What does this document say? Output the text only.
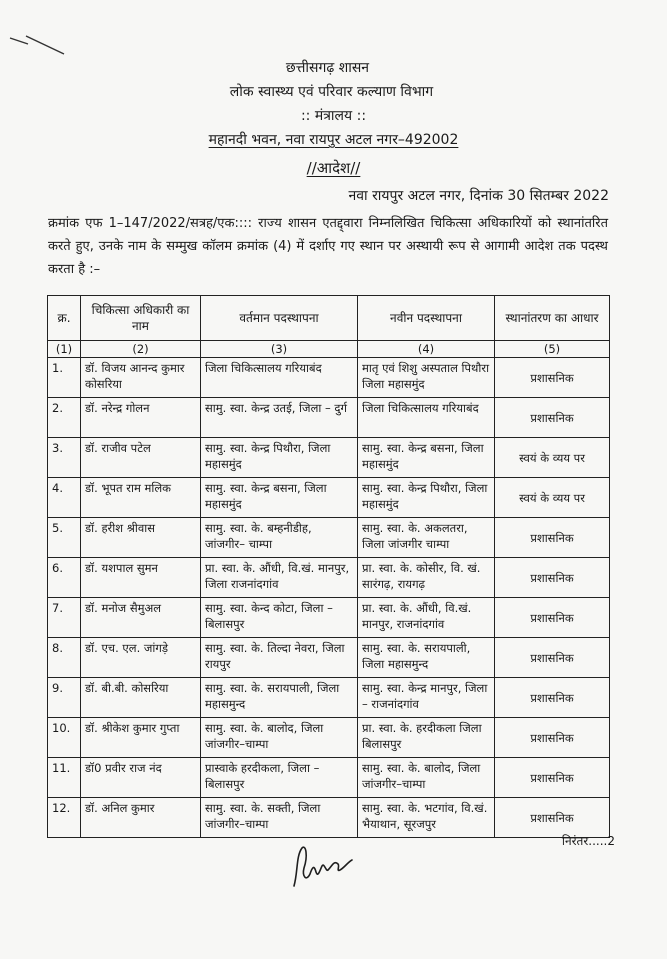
छत्तीसगढ़ शासन
लोक स्वास्थ्य एवं परिवार कल्याण विभाग
:: मंत्रालय ::
महानदी भवन, नवा रायपुर अटल नगर–492002
//आदेश//
नवा रायपुर अटल नगर, दिनांक 30 सितम्बर 2022
क्रमांक एफ 1–147/2022/सत्रह/एक:::: राज्य शासन एतद्द्वारा निम्नलिखित चिकित्सा अधिकारियों को स्थानांतरित करते हुए, उनके नाम के सम्मुख कॉलम क्रमांक (4) में दर्शाए गए स्थान पर अस्थायी रूप से आगामी आदेश तक पदस्थ करता है :–
क्र.	चिकित्सा अधिकारी का नाम	वर्तमान पदस्थापना	नवीन पदस्थापना	स्थानांतरण का आधार
(1)	(2)	(3)	(4)	(5)
1.	डॉ. विजय आनन्द कुमार कोसरिया	जिला चिकित्सालय गरियाबंद	मातृ एवं शिशु अस्पताल पिथौरा जिला महासमुंद	प्रशासनिक
2.	डॉ. नरेन्द्र गोलन	सामु. स्वा. केन्द्र उतई, जिला – दुर्ग	जिला चिकित्सालय गरियाबंद	प्रशासनिक
3.	डॉ. राजीव पटेल	सामु. स्वा. केन्द्र पिथौरा, जिला महासमुंद	सामु. स्वा. केन्द्र बसना, जिला महासमुंद	स्वयं के व्यय पर
4.	डॉ. भूपत राम मलिक	सामु. स्वा. केन्द्र बसना, जिला महासमुंद	सामु. स्वा. केन्द्र पिथौरा, जिला महासमुंद	स्वयं के व्यय पर
5.	डॉ. हरीश श्रीवास	सामु. स्वा. के. बम्हनीडीह, जांजगीर– चाम्पा	सामु. स्वा. के. अकलतरा, जिला जांजगीर चाम्पा	प्रशासनिक
6.	डॉ. यशपाल सुमन	प्रा. स्वा. के. औंधी, वि.खं. मानपुर, जिला राजनांदगांव	प्रा. स्वा. के. कोसीर, वि. खं. सारंगढ़, रायगढ़	प्रशासनिक
7.	डॉ. मनोज सैमुअल	सामु. स्वा. केन्द कोटा, जिला – बिलासपुर	प्रा. स्वा. के. औंधी, वि.खं. मानपुर, राजनांदगांव	प्रशासनिक
8.	डॉ. एच. एल. जांगड़े	सामु. स्वा. के. तिल्दा नेवरा, जिला रायपुर	सामु. स्वा. के. सरायपाली, जिला महासमुन्द	प्रशासनिक
9.	डॉ. बी.बी. कोसरिया	सामु. स्वा. के. सरायपाली, जिला महासमुन्द	सामु. स्वा. केन्द्र मानपुर, जिला – राजनांदगांव	प्रशासनिक
10.	डॉ. श्रीकेश कुमार गुप्ता	सामु. स्वा. के. बालोद, जिला जांजगीर–चाम्पा	प्रा. स्वा. के. हरदीकला जिला बिलासपुर	प्रशासनिक
11.	डॉ0 प्रवीर राज नंद	प्रास्वाके हरदीकला, जिला – बिलासपुर	सामु. स्वा. के. बालोद, जिला जांजगीर–चाम्पा	प्रशासनिक
12.	डॉ. अनिल कुमार	सामु. स्वा. के. सक्ती, जिला जांजगीर–चाम्पा	सामु. स्वा. के. भटगांव, वि.खं. भैयाथान, सूरजपुर	प्रशासनिक
निरंतर.....2
